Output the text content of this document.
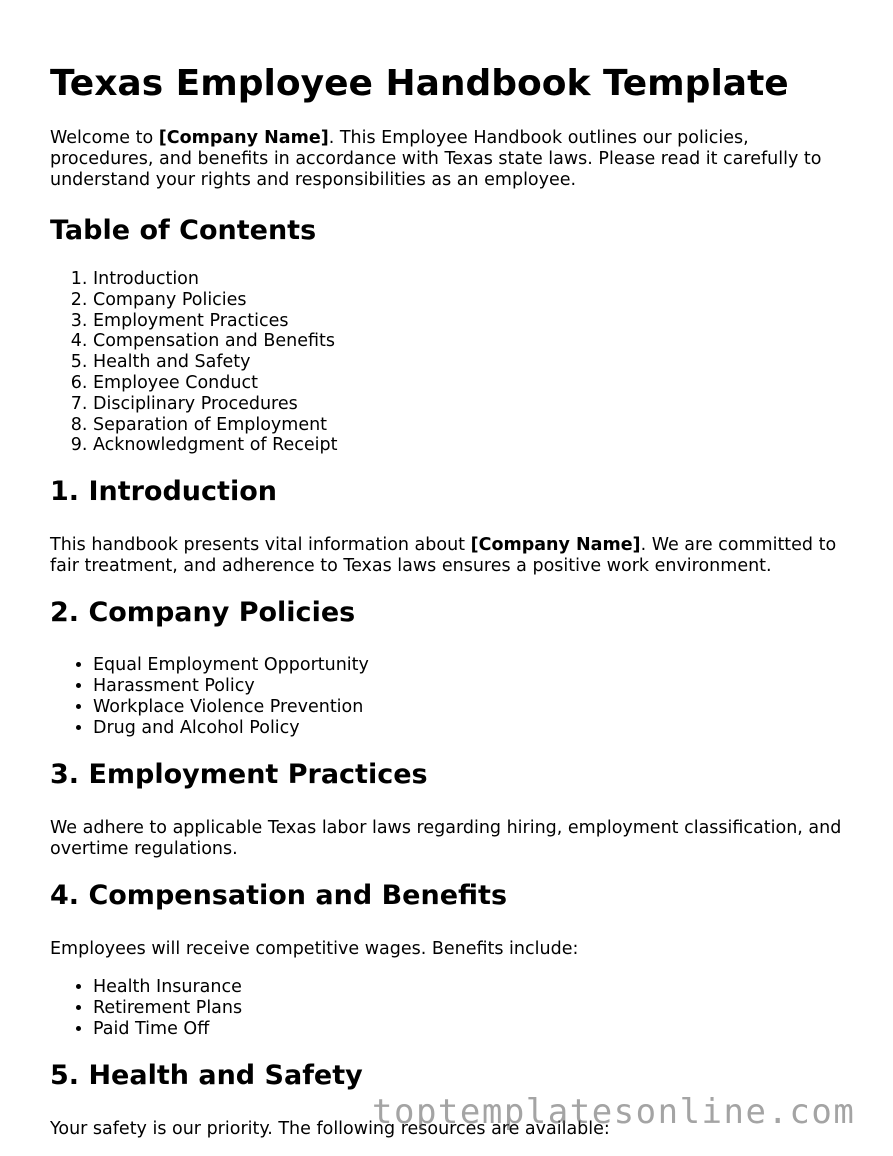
Texas Employee Handbook Template

Welcome to [Company Name]. This Employee Handbook outlines our policies, procedures, and benefits in accordance with Texas state laws. Please read it carefully to understand your rights and responsibilities as an employee.

Table of Contents
1. Introduction
2. Company Policies
3. Employment Practices
4. Compensation and Benefits
5. Health and Safety
6. Employee Conduct
7. Disciplinary Procedures
8. Separation of Employment
9. Acknowledgment of Receipt
1. Introduction

This handbook presents vital information about [Company Name]. We are committed to fair treatment, and adherence to Texas laws ensures a positive work environment.

2. Company Policies
• Equal Employment Opportunity
• Harassment Policy
• Workplace Violence Prevention
• Drug and Alcohol Policy
3. Employment Practices

We adhere to applicable Texas labor laws regarding hiring, employment classification, and overtime regulations.

4. Compensation and Benefits

Employees will receive competitive wages. Benefits include:

• Health Insurance
• Retirement Plans
• Paid Time Off
5. Health and Safety

Your safety is our priority. The following resources are available:

toptemplatesonline.com
